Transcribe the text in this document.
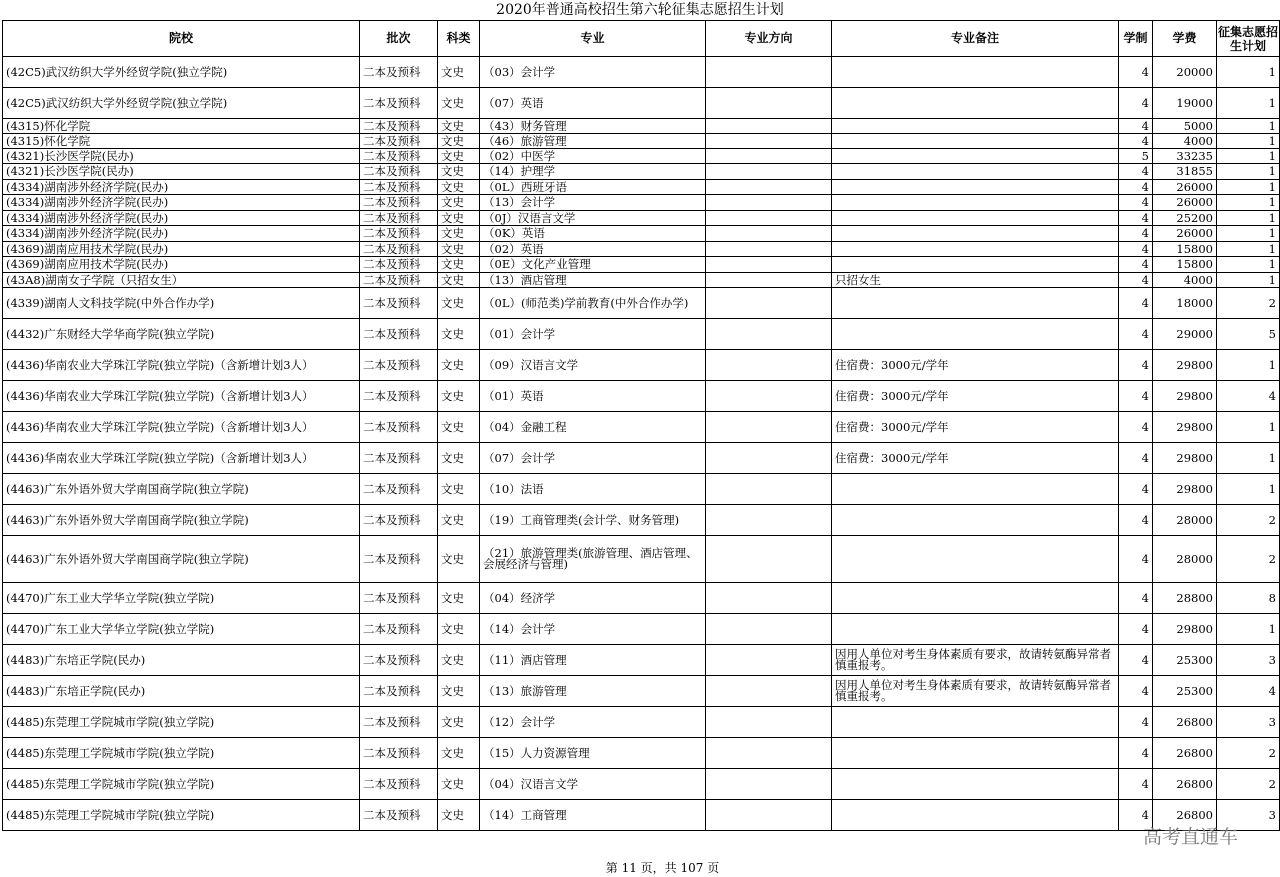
2020年普通高校招生第六轮征集志愿招生计划
院校	批次	科类	专业	专业方向	专业备注	学制	学费	征集志愿招生计划
(42C5)武汉纺织大学外经贸学院(独立学院)	二本及预科	文史	（03）会计学			4	20000	1
(42C5)武汉纺织大学外经贸学院(独立学院)	二本及预科	文史	（07）英语			4	19000	1
(4315)怀化学院	二本及预科	文史	（43）财务管理			4	5000	1
(4315)怀化学院	二本及预科	文史	（46）旅游管理			4	4000	1
(4321)长沙医学院(民办)	二本及预科	文史	（02）中医学			5	33235	1
(4321)长沙医学院(民办)	二本及预科	文史	（14）护理学			4	31855	1
(4334)湖南涉外经济学院(民办)	二本及预科	文史	（0L）西班牙语			4	26000	1
(4334)湖南涉外经济学院(民办)	二本及预科	文史	（13）会计学			4	26000	1
(4334)湖南涉外经济学院(民办)	二本及预科	文史	（0J）汉语言文学			4	25200	1
(4334)湖南涉外经济学院(民办)	二本及预科	文史	（0K）英语			4	26000	1
(4369)湖南应用技术学院(民办)	二本及预科	文史	（02）英语			4	15800	1
(4369)湖南应用技术学院(民办)	二本及预科	文史	（0E）文化产业管理			4	15800	1
(43A8)湖南女子学院（只招女生）	二本及预科	文史	（13）酒店管理		只招女生	4	4000	1
(4339)湖南人文科技学院(中外合作办学)	二本及预科	文史	（0L）(师范类)学前教育(中外合作办学)			4	18000	2
(4432)广东财经大学华商学院(独立学院)	二本及预科	文史	（01）会计学			4	29000	5
(4436)华南农业大学珠江学院(独立学院)（含新增计划3人）	二本及预科	文史	（09）汉语言文学		住宿费：3000元/学年	4	29800	1
(4436)华南农业大学珠江学院(独立学院)（含新增计划3人）	二本及预科	文史	（01）英语		住宿费：3000元/学年	4	29800	4
(4436)华南农业大学珠江学院(独立学院)（含新增计划3人）	二本及预科	文史	（04）金融工程		住宿费：3000元/学年	4	29800	1
(4436)华南农业大学珠江学院(独立学院)（含新增计划3人）	二本及预科	文史	（07）会计学		住宿费：3000元/学年	4	29800	1
(4463)广东外语外贸大学南国商学院(独立学院)	二本及预科	文史	（10）法语			4	29800	1
(4463)广东外语外贸大学南国商学院(独立学院)	二本及预科	文史	（19）工商管理类(会计学、财务管理)			4	28000	2
(4463)广东外语外贸大学南国商学院(独立学院)	二本及预科	文史	（21）旅游管理类(旅游管理、酒店管理、会展经济与管理)			4	28000	2
(4470)广东工业大学华立学院(独立学院)	二本及预科	文史	（04）经济学			4	28800	8
(4470)广东工业大学华立学院(独立学院)	二本及预科	文史	（14）会计学			4	29800	1
(4483)广东培正学院(民办)	二本及预科	文史	（11）酒店管理		因用人单位对考生身体素质有要求，故请转氨酶异常者慎重报考。	4	25300	3
(4483)广东培正学院(民办)	二本及预科	文史	（13）旅游管理		因用人单位对考生身体素质有要求，故请转氨酶异常者慎重报考。	4	25300	4
(4485)东莞理工学院城市学院(独立学院)	二本及预科	文史	（12）会计学			4	26800	3
(4485)东莞理工学院城市学院(独立学院)	二本及预科	文史	（15）人力资源管理			4	26800	2
(4485)东莞理工学院城市学院(独立学院)	二本及预科	文史	（04）汉语言文学			4	26800	2
(4485)东莞理工学院城市学院(独立学院)	二本及预科	文史	（14）工商管理			4	26800	3
第 11 页，共 107 页
高考直通车
